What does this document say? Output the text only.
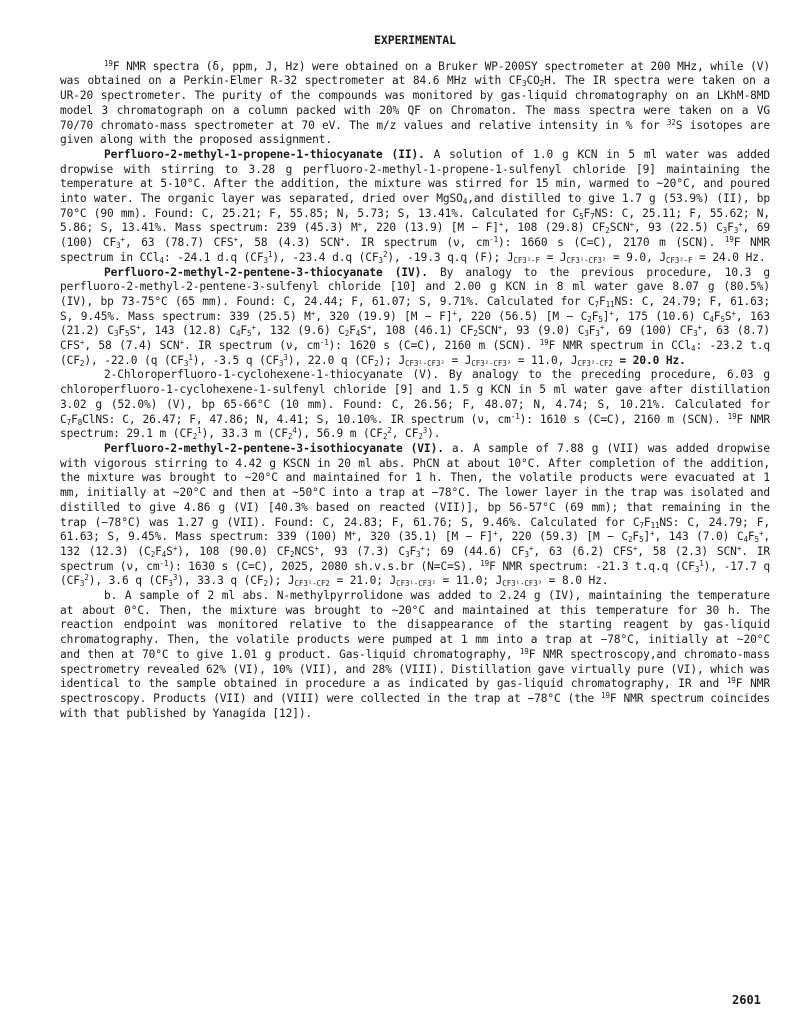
EXPERIMENTAL

$^{19}$F NMR spectra (δ, ppm, J, Hz) were obtained on a Bruker WP-200SY spectrometer at 200 MHz, while (V) was obtained on a Perkin-Elmer R-32 spectrometer at 84.6 MHz with $CF_3CO_2H$. The IR spectra were taken on a UR-20 spectrometer. The purity of the compounds was monitored by gas-liquid chromatography on an LKhM-8MD model 3 chromatograph on a column packed with 20% QF on Chromaton. The mass spectra were taken on a VG 70/70 chromato-mass spectrometer at 70 eV. The m/z values and relative intensity in % for $^{32}$S isotopes are given along with the proposed assignment.

Perfluoro-2-methyl-1-propene-1-thiocyanate (II). A solution of 1.0 g KCN in 5 ml water was added dropwise with stirring to 3.28 g perfluoro-2-methyl-1-propene-1-sulfenyl chloride [9] maintaining the temperature at 5-10°C. After the addition, the mixture was stirred for 15 min, warmed to ~20°C, and poured into water. The organic layer was separated, dried over MgSO$_4$,and distilled to give 1.7 g (53.9%) (II), bp 70°C (90 mm). Found: C, 25.21; F, 55.85; N, 5.73; S, 13.41%. Calculated for $C_5F_7NS$: C, 25.11; F, 55.62; N, 5.86; S, 13.41%. Mass spectrum: 239 (45.3) M+, 220 (13.9) [M − F]+, 108 (29.8) $CF_2SCN^+$, 93 (22.5) $C_3F_3^+$, 69 (100) $CF_3^+$, 63 (78.7) CFS+, 58 (4.3) SCN+. IR spectrum (ν, $cm^{-1}$): 1660 s (C=C), 2170 m (SCN). $^{19}$F NMR spectrum in CCl$_4$: -24.1 d.q $(CF_3^1)$, -23.4 d.q $(CF_3^2)$, -19.3 q.q (F); $J_{CF3^1-F} = J_{CF3^1-CF3^2} = 9.0$, $J_{CF3^2-F} = 24.0$ Hz.

Perfluoro-2-methyl-2-pentene-3-thiocyanate (IV). By analogy to the previous procedure, 10.3 g perfluoro-2-methyl-2-pentene-3-sulfenyl chloride [10] and 2.00 g KCN in 8 ml water gave 8.07 g (80.5%) (IV), bp 73-75°C (65 mm). Found: C, 24.44; F, 61.07; S, 9.71%. Calculated for $C_7F_{11}NS$: C, 24.79; F, 61.63; S, 9.45%. Mass spectrum: 339 (25.5) M+, 320 (19.9) [M − F]+, 220 (56.5) $[M - C_2F_5]^+$, 175 (10.6) $C_4F_5S^+$, 163 (21.2) $C_3F_5S^+$, 143 (12.8) $C_4F_5^+$, 132 (9.6) $C_2F_4S^+$, 108 (46.1) $CF_2SCN^+$, 93 (9.0) $C_3F_3^+$, 69 (100) $CF_3^+$, 63 (8.7) CFS+, 58 (7.4) SCN+. IR spectrum (ν, $cm^{-1}$): 1620 s (C=C), 2160 m (SCN). $^{19}$F NMR spectrum in CCl$_4$: -23.2 t.q $(CF_2)$, -22.0 (q $(CF_3^1)$, -3.5 q $(CF_3^3)$, 22.0 q $(CF_2)$; $J_{CF3^1-CF3^2} = J_{CF3^2-CF3^3} = 11.0$, $J_{CF3^2-CF2} = 20.0$ Hz.

2-Chloroperfluoro-1-cyclohexene-1-thiocyanate (V). By analogy to the preceding procedure, 6.03 g chloroperfluoro-1-cyclohexene-1-sulfenyl chloride [9] and 1.5 g KCN in 5 ml water gave after distillation 3.02 g (52.0%) (V), bp 65-66°C (10 mm). Found: C, 26.56; F, 48.07; N, 4.74; S, 10.21%. Calculated for $C_7F_8ClNS$: C, 26.47; F, 47.86; N, 4.41; S, 10.10%. IR spectrum (ν, $cm^{-1}$): 1610 s (C=C), 2160 m (SCN). $^{19}$F NMR spectrum: 29.1 m $(CF_2^1)$, 33.3 m $(CF_2^4)$, 56.9 m ($CF_2^2$, $CF_2^3$).

Perfluoro-2-methyl-2-pentene-3-isothiocyanate (VI). a. A sample of 7.88 g (VII) was added dropwise with vigorous stirring to 4.42 g KSCN in 20 ml abs. PhCN at about 10°C. After completion of the addition, the mixture was brought to ~20°C and maintained for 1 h. Then, the volatile products were evacuated at 1 mm, initially at ~20°C and then at ~50°C into a trap at −78°C. The lower layer in the trap was isolated and distilled to give 4.86 g (VI) [40.3% based on reacted (VII)], bp 56-57°C (69 mm); that remaining in the trap (−78°C) was 1.27 g (VII). Found: C, 24.83; F, 61.76; S, 9.46%. Calculated for $C_7F_{11}NS$: C, 24.79; F, 61.63; S, 9.45%. Mass spectrum: 339 (100) M+, 320 (35.1) [M − F]+, 220 (59.3) $[M - C_2F_5]^+$, 143 (7.0) $C_4F_5^+$, 132 (12.3) $(C_2F_4S^+)$, 108 (90.0) $CF_2NCS^+$, 93 (7.3) $C_3F_3^+$; 69 (44.6) $CF_3^+$, 63 (6.2) CFS+, 58 (2.3) SCN+. IR spectrum (ν, $cm^{-1}$): 1630 s (C=C), 2025, 2080 sh.v.s.br (N=C=S). $^{19}$F NMR spectrum: -21.3 t.q.q $(CF_3^1)$, -17.7 q $(CF_3^2)$, 3.6 q $(CF_3^3)$, 33.3 q $(CF_2)$; $J_{CF3^1-CF2} = 21.0$; $J_{CF3^1-CF3^2} = 11.0$; $J_{CF3^1-CF3^3} = 8.0$ Hz.

b. A sample of 2 ml abs. N-methylpyrrolidone was added to 2.24 g (IV), maintaining the temperature at about 0°C. Then, the mixture was brought to ~20°C and maintained at this temperature for 30 h. The reaction endpoint was monitored relative to the disappearance of the starting reagent by gas-liquid chromatography. Then, the volatile products were pumped at 1 mm into a trap at −78°C, initially at ~20°C and then at 70°C to give 1.01 g product. Gas-liquid chromatography, $^{19}$F NMR spectroscopy,and chromato-mass spectrometry revealed 62% (VI), 10% (VII), and 28% (VIII). Distillation gave virtually pure (VI), which was identical to the sample obtained in procedure a as indicated by gas-liquid chromatography, IR and $^{19}$F NMR spectroscopy. Products (VII) and (VIII) were collected in the trap at −78°C (the $^{19}$F NMR spectrum coincides with that published by Yanagida [12]).

2601
